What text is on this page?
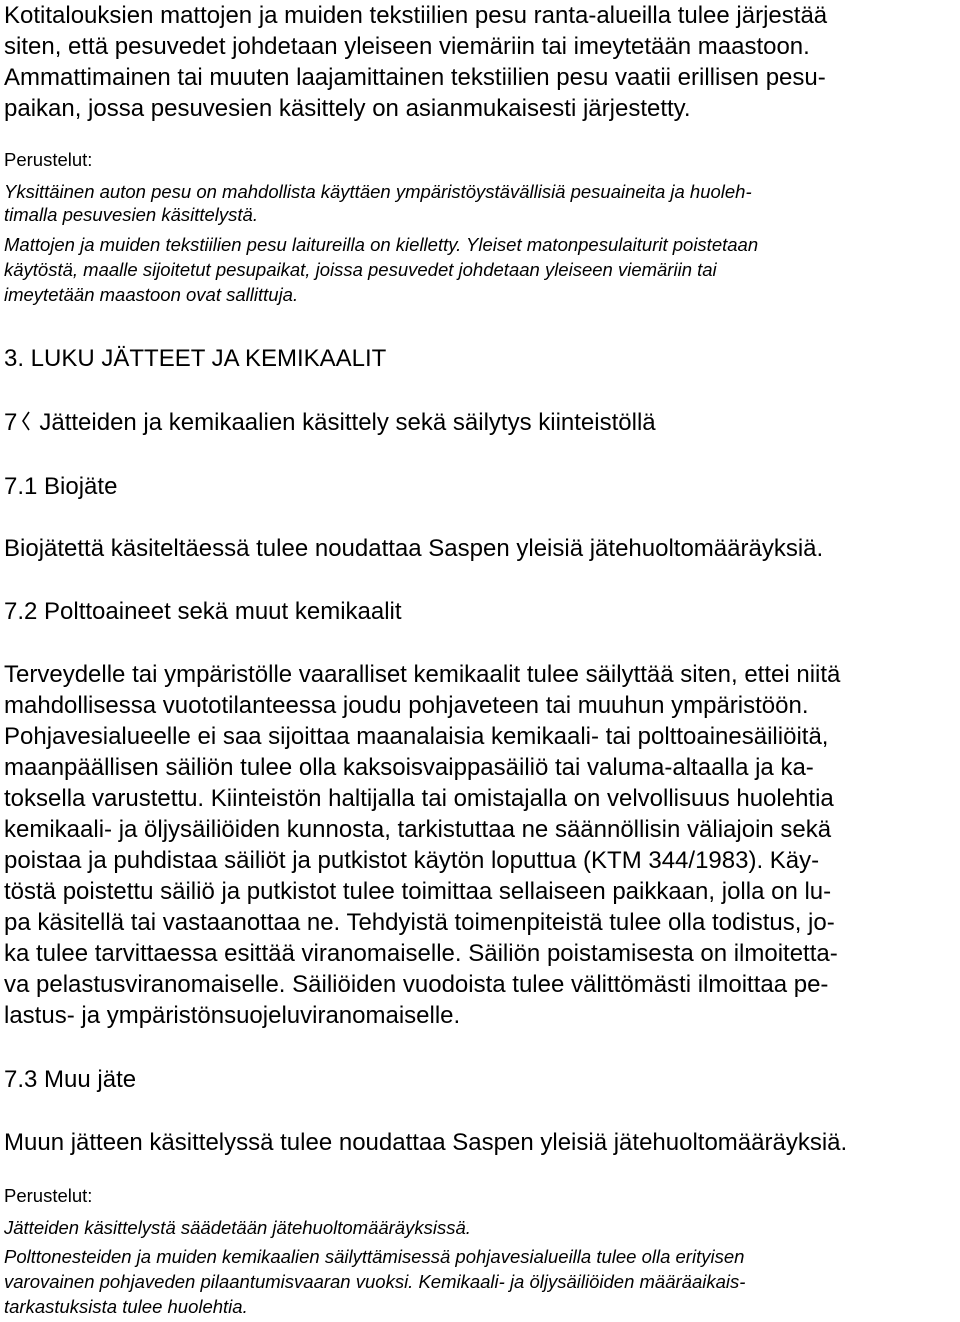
Kotitalouksien mattojen ja muiden tekstiilien pesu ranta-alueilla tulee järjestää
siten, että pesuvedet johdetaan yleiseen viemäriin tai imeytetään maastoon.
Ammattimainen tai muuten laajamittainen tekstiilien pesu vaatii erillisen pesu-
paikan, jossa pesuvesien käsittely on asianmukaisesti järjestetty.
Perustelut:
Yksittäinen auton pesu on mahdollista käyttäen ympäristöystävällisiä pesuaineita ja huoleh-
timalla pesuvesien käsittelystä.
Mattojen ja muiden tekstiilien pesu laitureilla on kielletty. Yleiset matonpesulaiturit poistetaan
käytöstä, maalle sijoitetut pesupaikat, joissa pesuvedet johdetaan yleiseen viemäriin tai
imeytetään maastoon ovat sallittuja.
3. LUKU JÄTTEET JA KEMIKAALIT
7 Jätteiden ja kemikaalien käsittely sekä säilytys kiinteistöllä
7.1 Biojäte
Biojätettä käsiteltäessä tulee noudattaa Saspen yleisiä jätehuoltomääräyksiä.
7.2 Polttoaineet sekä muut kemikaalit
Terveydelle tai ympäristölle vaaralliset kemikaalit tulee säilyttää siten, ettei niitä
mahdollisessa vuototilanteessa joudu pohjaveteen tai muuhun ympäristöön.
Pohjavesialueelle ei saa sijoittaa maanalaisia kemikaali- tai polttoainesäiliöitä,
maanpäällisen säiliön tulee olla kaksoisvaippasäiliö tai valuma-altaalla ja ka-
toksella varustettu. Kiinteistön haltijalla tai omistajalla on velvollisuus huolehtia
kemikaali- ja öljysäiliöiden kunnosta, tarkistuttaa ne säännöllisin väliajoin sekä
poistaa ja puhdistaa säiliöt ja putkistot käytön loputtua (KTM 344/1983). Käy-
töstä poistettu säiliö ja putkistot tulee toimittaa sellaiseen paikkaan, jolla on lu-
pa käsitellä tai vastaanottaa ne. Tehdyistä toimenpiteistä tulee olla todistus, jo-
ka tulee tarvittaessa esittää viranomaiselle. Säiliön poistamisesta on ilmoitetta-
va pelastusviranomaiselle. Säiliöiden vuodoista tulee välittömästi ilmoittaa pe-
lastus- ja ympäristönsuojeluviranomaiselle.
7.3 Muu jäte
Muun jätteen käsittelyssä tulee noudattaa Saspen yleisiä jätehuoltomääräyksiä.
Perustelut:
Jätteiden käsittelystä säädetään jätehuoltomääräyksissä.
Polttonesteiden ja muiden kemikaalien säilyttämisessä pohjavesialueilla tulee olla erityisen
varovainen pohjaveden pilaantumisvaaran vuoksi. Kemikaali- ja öljysäiliöiden määräaikais-
tarkastuksista tulee huolehtia.
